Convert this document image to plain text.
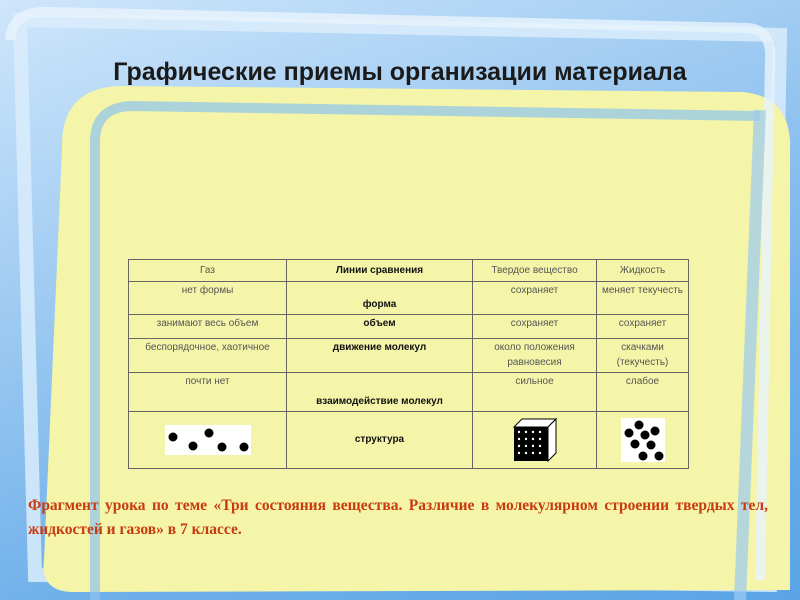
Графические приемы организации материала
Газ	Линии сравнения	Твердое вещество	Жидкость
нет формы	форма	сохраняет	меняет текучесть
занимают весь объем	объем	сохраняет	сохраняет
беспорядочное, хаотичное	движение молекул	около положения равновесия	скачками (текучесть)
почти нет	взаимодействие молекул	сильное	слабое
	структура		
Фрагмент урока по теме «Три состояния вещества. Различие в молекулярном строении твердых тел, жидкостей и газов» в 7 классе.
